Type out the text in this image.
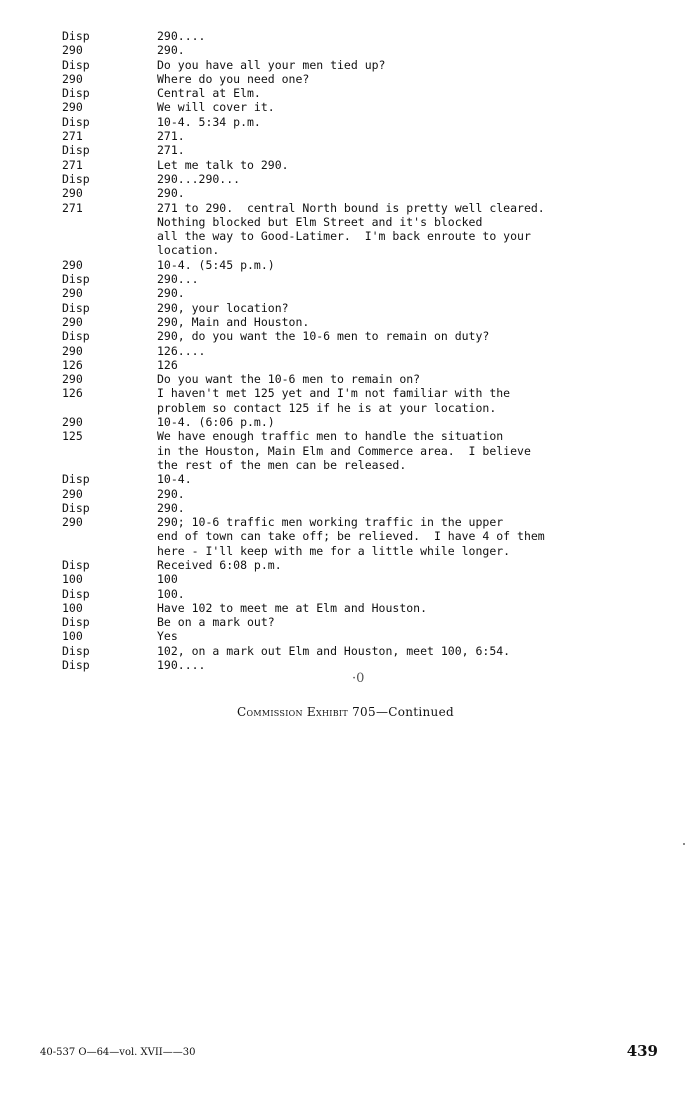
Disp	290....
290	290.
Disp	Do you have all your men tied up?
290	Where do you need one?
Disp	Central at Elm.
290	We will cover it.
Disp	10-4. 5:34 p.m.
271	271.
Disp	271.
271	Let me talk to 290.
Disp	290...290...
290	290.
271	271 to 290.  central North bound is pretty well cleared.
Nothing blocked but Elm Street and it's blocked
all the way to Good-Latimer.  I'm back enroute to your
location.
290	10-4. (5:45 p.m.)
Disp	290...
290	290.
Disp	290, your location?
290	290, Main and Houston.
Disp	290, do you want the 10-6 men to remain on duty?
290	126....
126	126
290	Do you want the 10-6 men to remain on?
126	I haven't met 125 yet and I'm not familiar with the
problem so contact 125 if he is at your location.
290	10-4. (6:06 p.m.)
125	We have enough traffic men to handle the situation
in the Houston, Main Elm and Commerce area.  I believe
the rest of the men can be released.
Disp	10-4.
290	290.
Disp	290.
290	290; 10-6 traffic men working traffic in the upper
end of town can take off; be relieved.  I have 4 of them
here - I'll keep with me for a little while longer.
Disp	Received 6:08 p.m.
100	100
Disp	100.
100	Have 102 to meet me at Elm and Houston.
Disp	Be on a mark out?
100	Yes
Disp	102, on a mark out Elm and Houston, meet 100, 6:54.
Disp	190....
·0
Commission Exhibit 705—Continued
40-537 O—64—vol. XVII——30	439
